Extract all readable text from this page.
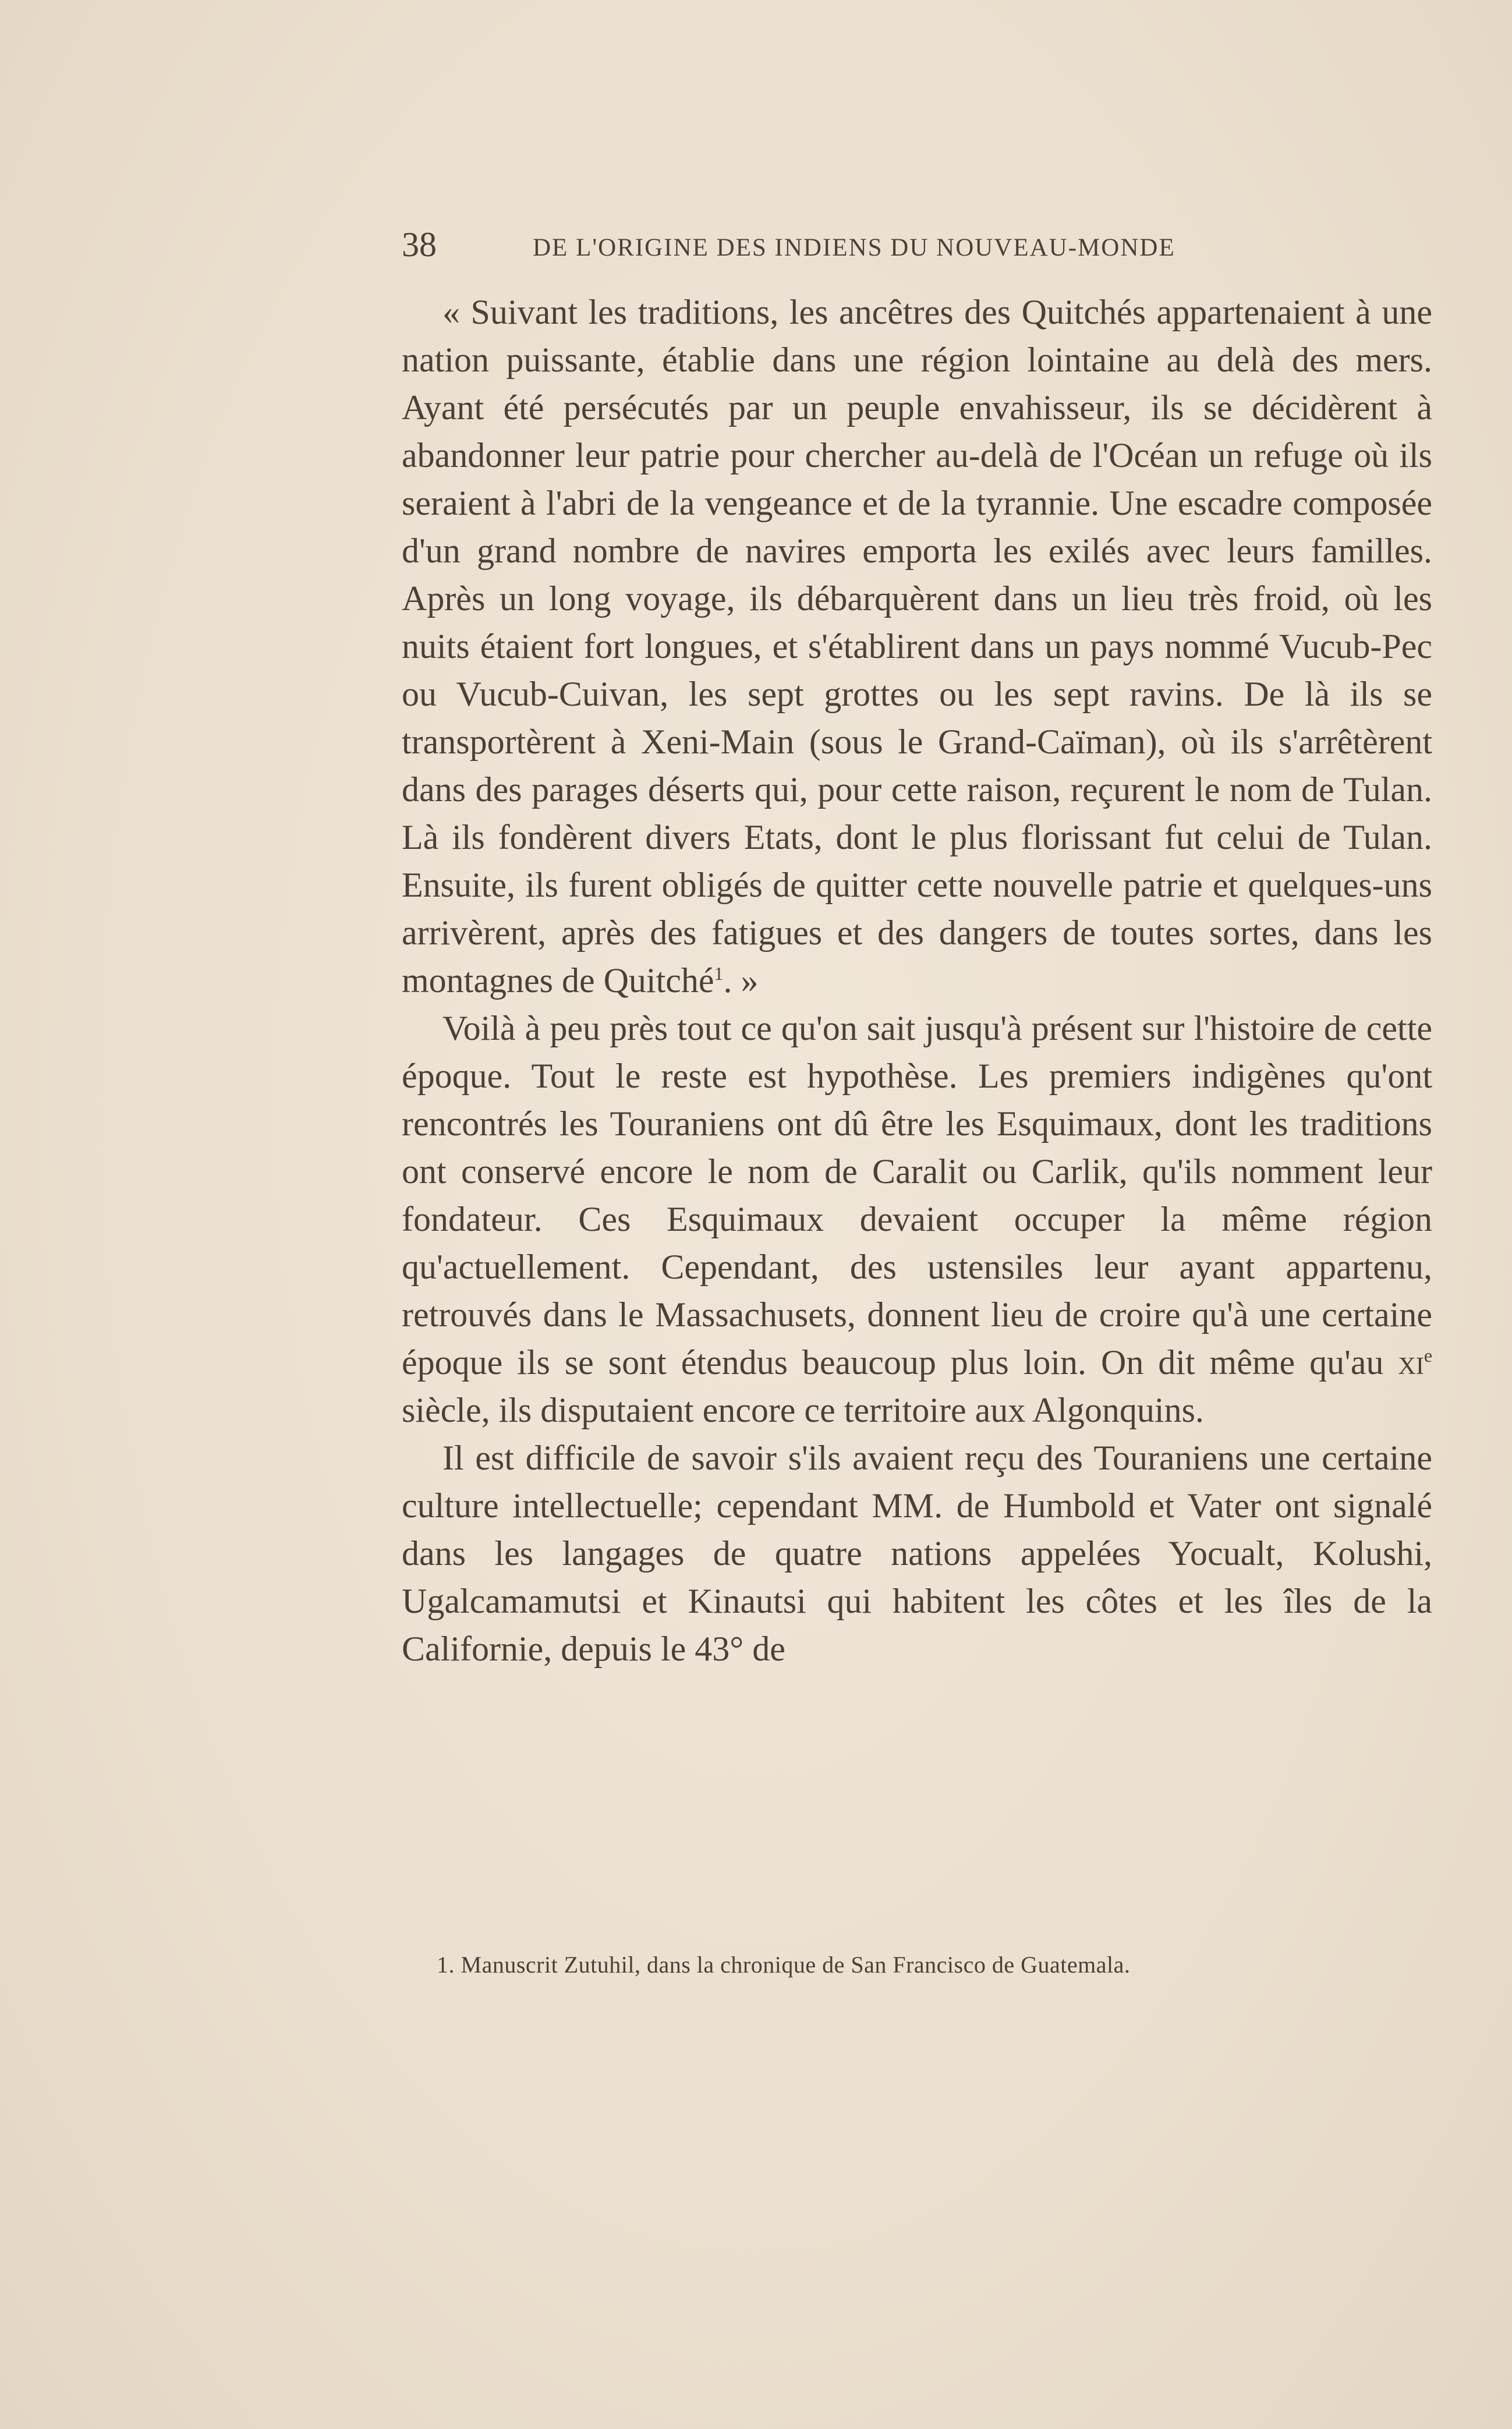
38	DE L'ORIGINE DES INDIENS DU NOUVEAU-MONDE

« Suivant les traditions, les ancêtres des Quitchés appartenaient à une nation puissante, établie dans une région lointaine au delà des mers. Ayant été persécutés par un peuple envahisseur, ils se décidèrent à abandonner leur patrie pour chercher au-delà de l'Océan un refuge où ils seraient à l'abri de la vengeance et de la tyrannie. Une escadre composée d'un grand nombre de navires emporta les exilés avec leurs familles. Après un long voyage, ils débarquèrent dans un lieu très froid, où les nuits étaient fort longues, et s'établirent dans un pays nommé Vucub-Pec ou Vucub-Cuivan, les sept grottes ou les sept ravins. De là ils se transportèrent à Xeni-Main (sous le Grand-Caïman), où ils s'arrêtèrent dans des parages déserts qui, pour cette raison, reçurent le nom de Tulan. Là ils fondèrent divers Etats, dont le plus florissant fut celui de Tulan. Ensuite, ils furent obligés de quitter cette nouvelle patrie et quelques-uns arrivèrent, après des fatigues et des dangers de toutes sortes, dans les montagnes de Quitché$^1$. »

Voilà à peu près tout ce qu'on sait jusqu'à présent sur l'histoire de cette époque. Tout le reste est hypothèse. Les premiers indigènes qu'ont rencontrés les Touraniens ont dû être les Esquimaux, dont les traditions ont conservé encore le nom de Caralit ou Carlik, qu'ils nomment leur fondateur. Ces Esquimaux devaient occuper la même région qu'actuellement. Cependant, des ustensiles leur ayant appartenu, retrouvés dans le Massachusets, donnent lieu de croire qu'à une certaine époque ils se sont étendus beaucoup plus loin. On dit même qu'au $xi^e$ siècle, ils disputaient encore ce territoire aux Algonquins.

Il est difficile de savoir s'ils avaient reçu des Touraniens une certaine culture intellectuelle; cependant MM. de Humbold et Vater ont signalé dans les langages de quatre nations appelées Yocualt, Kolushi, Ugalcamamutsi et Kinautsi qui habitent les côtes et les îles de la Californie, depuis le 43° de

1. Manuscrit Zutuhil, dans la chronique de San Francisco de Guatemala.
